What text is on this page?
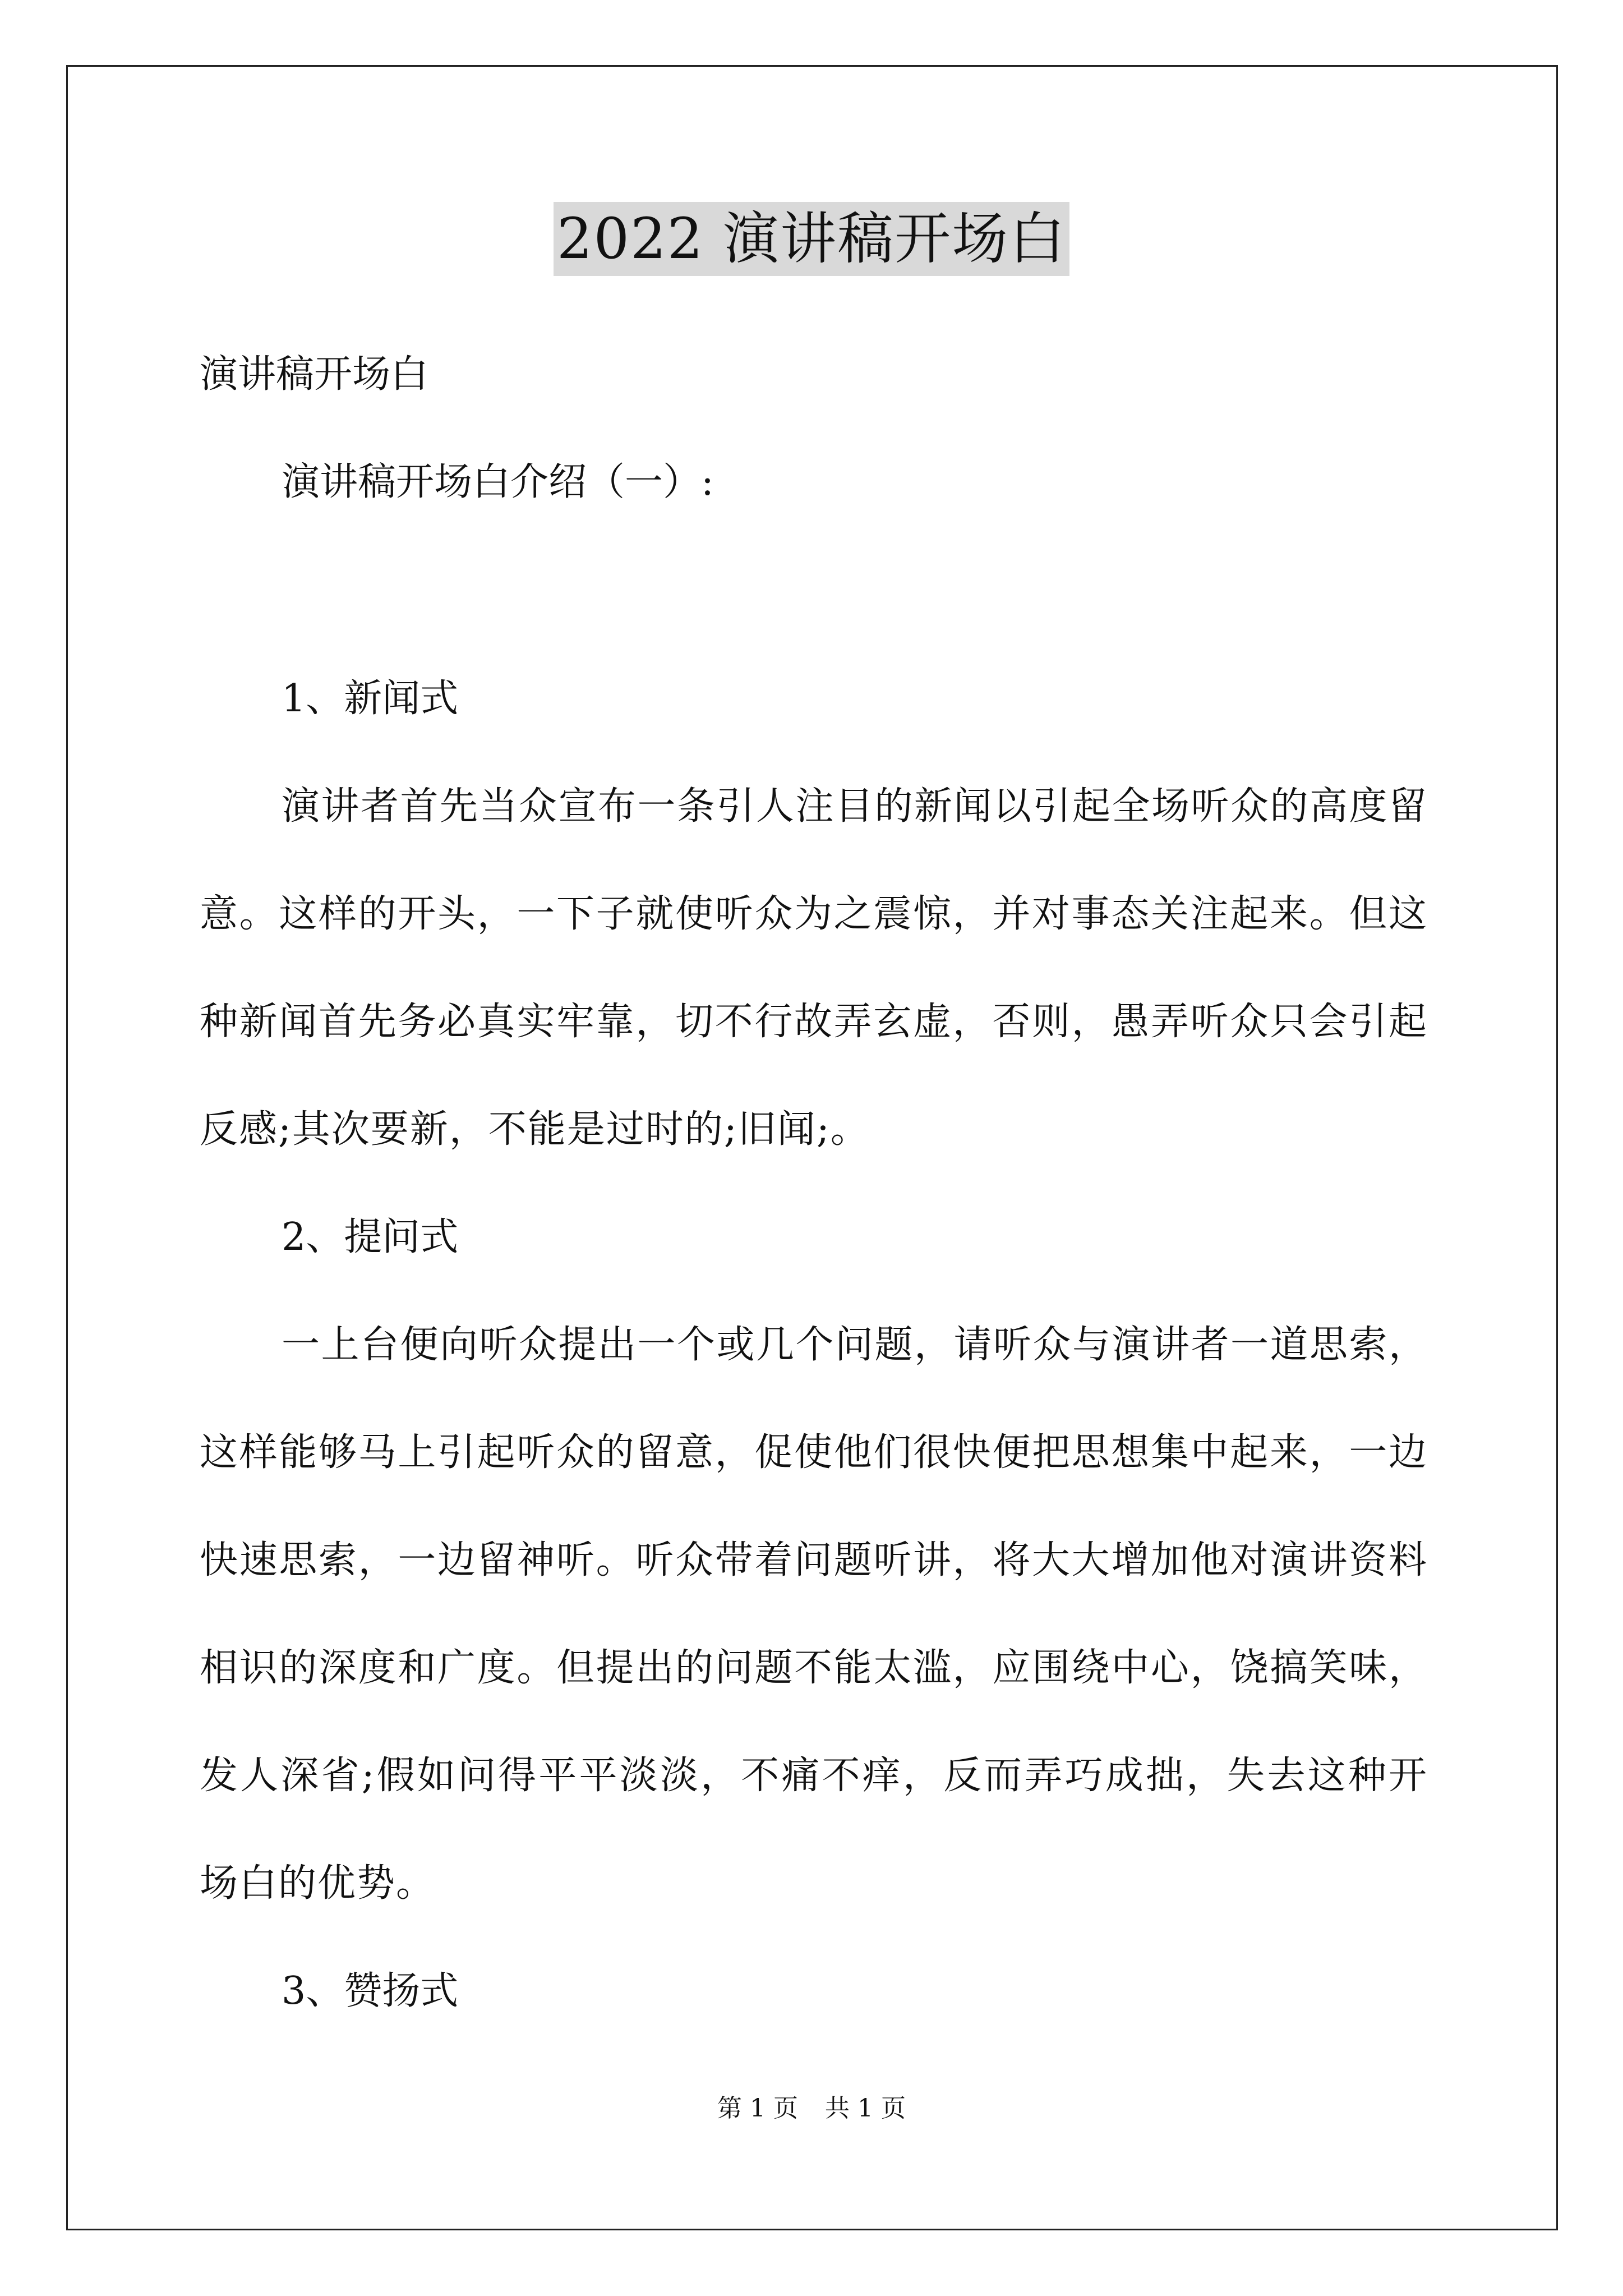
2022 演讲稿开场白

演讲稿开场白

演讲稿开场白介绍（一）:

1、新闻式

演讲者首先当众宣布一条引人注目的新闻以引起全场听众的高度留意。这样的开头，一下子就使听众为之震惊，并对事态关注起来。但这种新闻首先务必真实牢靠，切不行故弄玄虚，否则，愚弄听众只会引起反感;其次要新，不能是过时的;旧闻;。

2、提问式

一上台便向听众提出一个或几个问题，请听众与演讲者一道思索，这样能够马上引起听众的留意，促使他们很快便把思想集中起来，一边快速思索，一边留神听。听众带着问题听讲，将大大增加他对演讲资料相识的深度和广度。但提出的问题不能太滥，应围绕中心，饶搞笑味，发人深省;假如问得平平淡淡，不痛不痒，反而弄巧成拙，失去这种开场白的优势。

3、赞扬式

第 1 页 共 1 页
